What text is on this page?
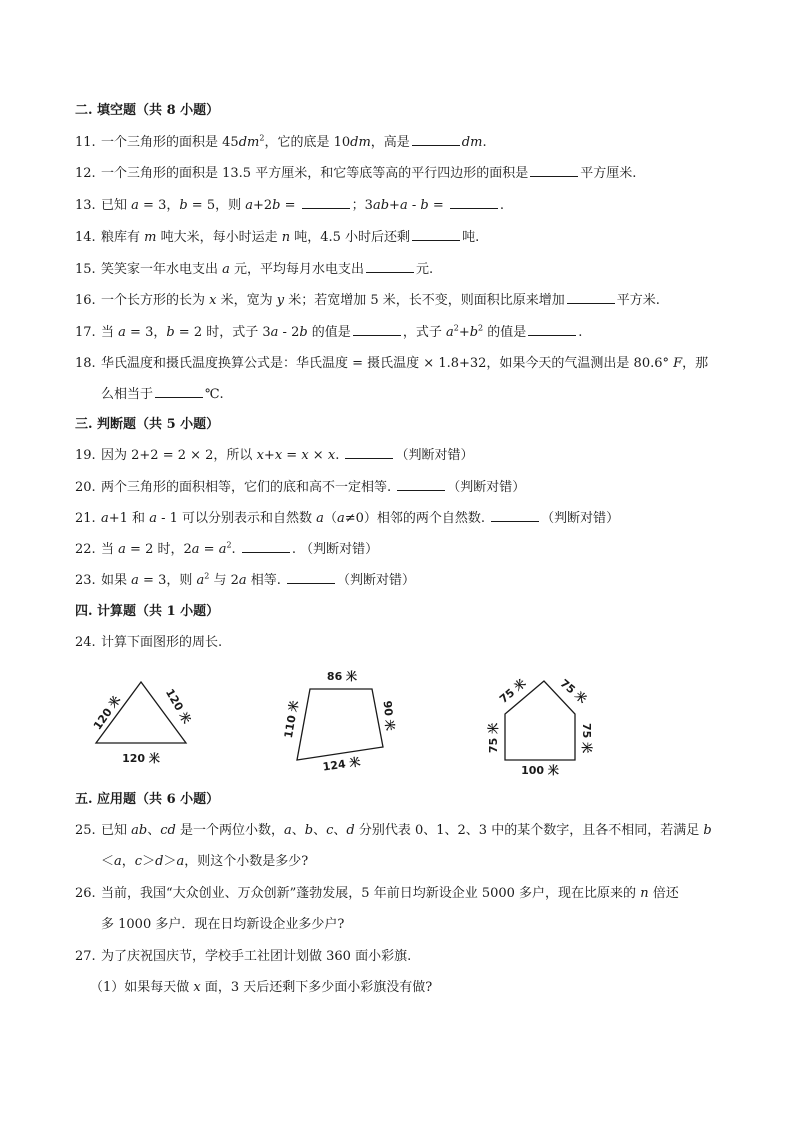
二. 填空题（共 8 小题）
11. 一个三角形的面积是 $45dm^2$，它的底是 10dm，高是	dm.
12. 一个三角形的面积是 13.5 平方厘米，和它等底等高的平行四边形的面积是	平方厘米.
13. 已知 a = 3，b = 5，则 a+2b =	；3ab+a - b =	.
14. 粮库有 m 吨大米，每小时运走 n 吨，4.5 小时后还剩	吨.
15. 笑笑家一年水电支出 a 元，平均每月水电支出	元.
16. 一个长方形的长为 x 米，宽为 y 米；若宽增加 5 米，长不变，则面积比原来增加	平方米.
17. 当 a = 3，b = 2 时，式子 3a - 2b 的值是	，式子 $a^2+b^2$ 的值是	.
18. 华氏温度和摄氏温度换算公式是：华氏温度 = 摄氏温度 × 1.8+32，如果今天的气温测出是 80.6° F，那
么相当于	℃.
三. 判断题（共 5 小题）
19. 因为 2+2 = 2 × 2，所以 x+x = x × x.	（判断对错）
20. 两个三角形的面积相等，它们的底和高不一定相等.	（判断对错）
21. a+1 和 a - 1 可以分别表示和自然数 a（a≠0）相邻的两个自然数.	（判断对错）
22. 当 a = 2 时，$2a = a^2$.	. （判断对错）
23. 如果 a = 3，则 $a^2$ 与 2a 相等.	（判断对错）
四. 计算题（共 1 小题）
24. 计算下面图形的周长.
120 米	120 米
120 米
86 米
110 米	90 米
124 米
75 米	75 米
75 米	75 米
100 米
五. 应用题（共 6 小题）
25. 已知 ab、cd 是一个两位小数，a、b、c、d 分别代表 0、1、2、3 中的某个数字，且各不相同，若满足 b
＜a，c＞d＞a，则这个小数是多少?
26. 当前，我国“大众创业、万众创新”蓬勃发展，5 年前日均新设企业 5000 多户，现在比原来的 n 倍还
多 1000 多户．现在日均新设企业多少户?
27. 为了庆祝国庆节，学校手工社团计划做 360 面小彩旗.
（1）如果每天做 x 面，3 天后还剩下多少面小彩旗没有做?
